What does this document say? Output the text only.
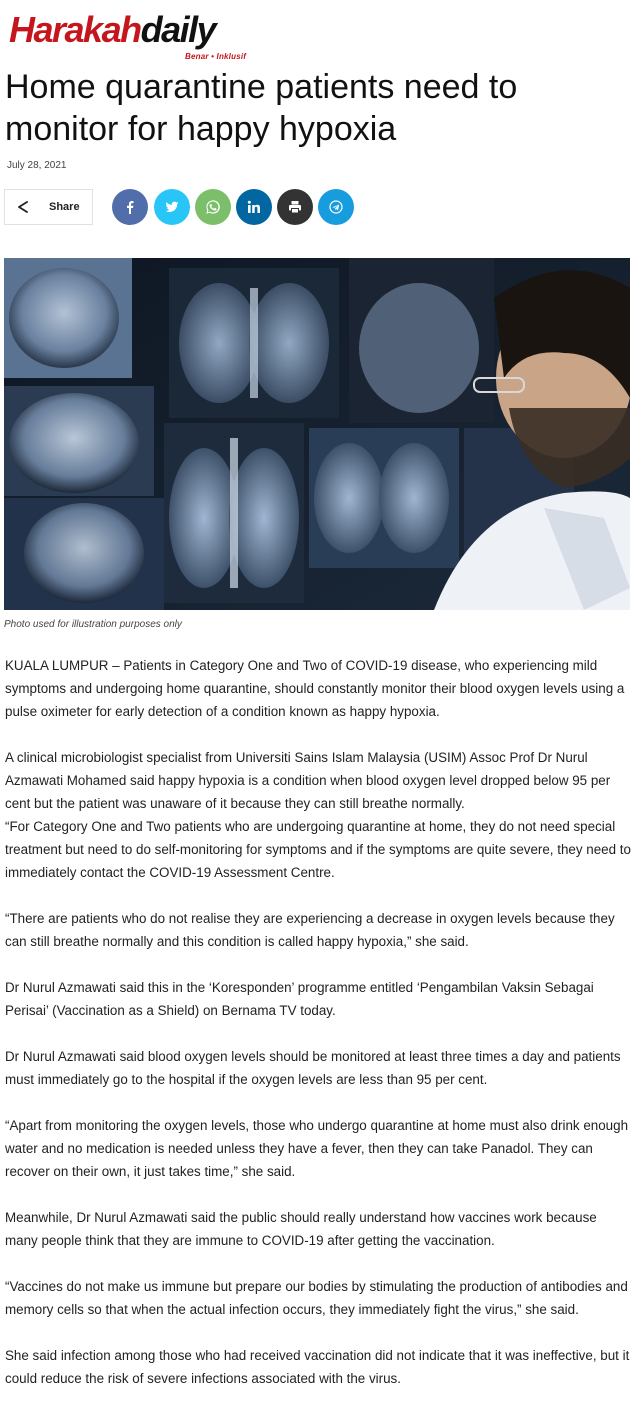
Harakahdaily
Benar • Inklusif
Home quarantine patients need to monitor for happy hypoxia
July 28, 2021
Share
Photo used for illustration purposes only

KUALA LUMPUR – Patients in Category One and Two of COVID-19 disease, who experiencing mild symptoms and undergoing home quarantine, should constantly monitor their blood oxygen levels using a pulse oximeter for early detection of a condition known as happy hypoxia.

A clinical microbiologist specialist from Universiti Sains Islam Malaysia (USIM) Assoc Prof Dr Nurul Azmawati Mohamed said happy hypoxia is a condition when blood oxygen level dropped below 95 per cent but the patient was unaware of it because they can still breathe normally.

“For Category One and Two patients who are undergoing quarantine at home, they do not need special treatment but need to do self-monitoring for symptoms and if the symptoms are quite severe, they need to immediately contact the COVID-19 Assessment Centre.

“There are patients who do not realise they are experiencing a decrease in oxygen levels because they can still breathe normally and this condition is called happy hypoxia,” she said.

Dr Nurul Azmawati said this in the ‘Koresponden’ programme entitled ‘Pengambilan Vaksin Sebagai Perisai’ (Vaccination as a Shield) on Bernama TV today.

Dr Nurul Azmawati said blood oxygen levels should be monitored at least three times a day and patients must immediately go to the hospital if the oxygen levels are less than 95 per cent.

“Apart from monitoring the oxygen levels, those who undergo quarantine at home must also drink enough water and no medication is needed unless they have a fever, then they can take Panadol. They can recover on their own, it just takes time,” she said.

Meanwhile, Dr Nurul Azmawati said the public should really understand how vaccines work because many people think that they are immune to COVID-19 after getting the vaccination.

“Vaccines do not make us immune but prepare our bodies by stimulating the production of antibodies and memory cells so that when the actual infection occurs, they immediately fight the virus,” she said.

She said infection among those who had received vaccination did not indicate that it was ineffective, but it could reduce the risk of severe infections associated with the virus.
